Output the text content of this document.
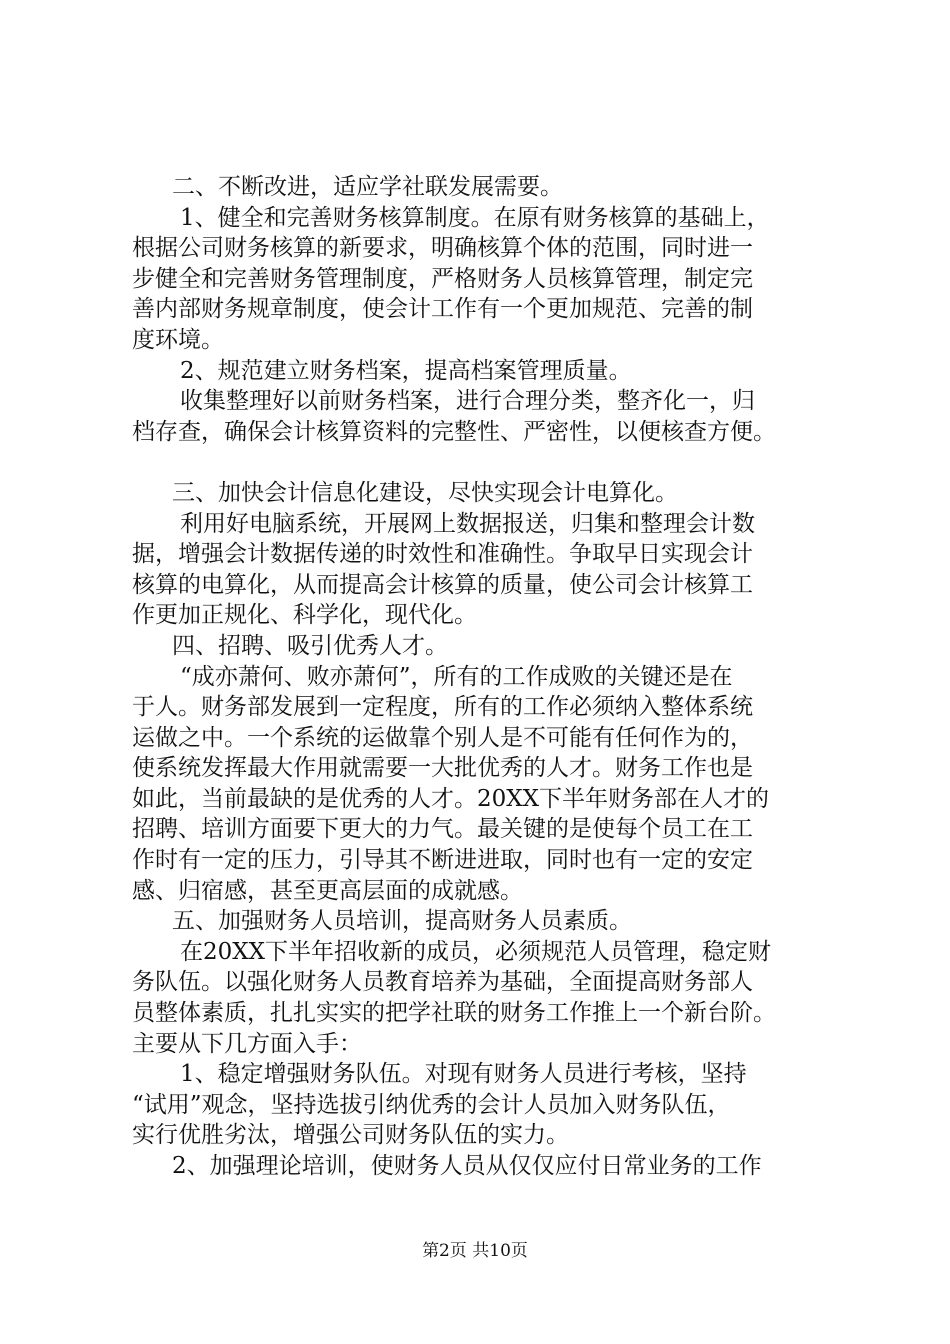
二、不断改进，适应学社联发展需要。
1、健全和完善财务核算制度。在原有财务核算的基础上，
根据公司财务核算的新要求，明确核算个体的范围，同时进一
步健全和完善财务管理制度，严格财务人员核算管理，制定完
善内部财务规章制度，使会计工作有一个更加规范、完善的制
度环境。
2、规范建立财务档案，提高档案管理质量。
收集整理好以前财务档案，进行合理分类，整齐化一，归
档存查，确保会计核算资料的完整性、严密性，以便核查方便。
三、加快会计信息化建设，尽快实现会计电算化。
利用好电脑系统，开展网上数据报送，归集和整理会计数
据，增强会计数据传递的时效性和准确性。争取早日实现会计
核算的电算化，从而提高会计核算的质量，使公司会计核算工
作更加正规化、科学化，现代化。
四、招聘、吸引优秀人才。
“成亦萧何、败亦萧何”，所有的工作成败的关键还是在
于人。财务部发展到一定程度，所有的工作必须纳入整体系统
运做之中。一个系统的运做靠个别人是不可能有任何作为的，
使系统发挥最大作用就需要一大批优秀的人才。财务工作也是
如此，当前最缺的是优秀的人才。20XX下半年财务部在人才的
招聘、培训方面要下更大的力气。最关键的是使每个员工在工
作时有一定的压力，引导其不断进进取，同时也有一定的安定
感、归宿感，甚至更高层面的成就感。
五、加强财务人员培训，提高财务人员素质。
在20XX下半年招收新的成员，必须规范人员管理，稳定财
务队伍。以强化财务人员教育培养为基础，全面提高财务部人
员整体素质，扎扎实实的把学社联的财务工作推上一个新台阶。
主要从下几方面入手：
1、稳定增强财务队伍。对现有财务人员进行考核，坚持
“试用”观念，坚持选拔引纳优秀的会计人员加入财务队伍，
实行优胜劣汰，增强公司财务队伍的实力。
2、加强理论培训，使财务人员从仅仅应付日常业务的工作
第2页 共10页
